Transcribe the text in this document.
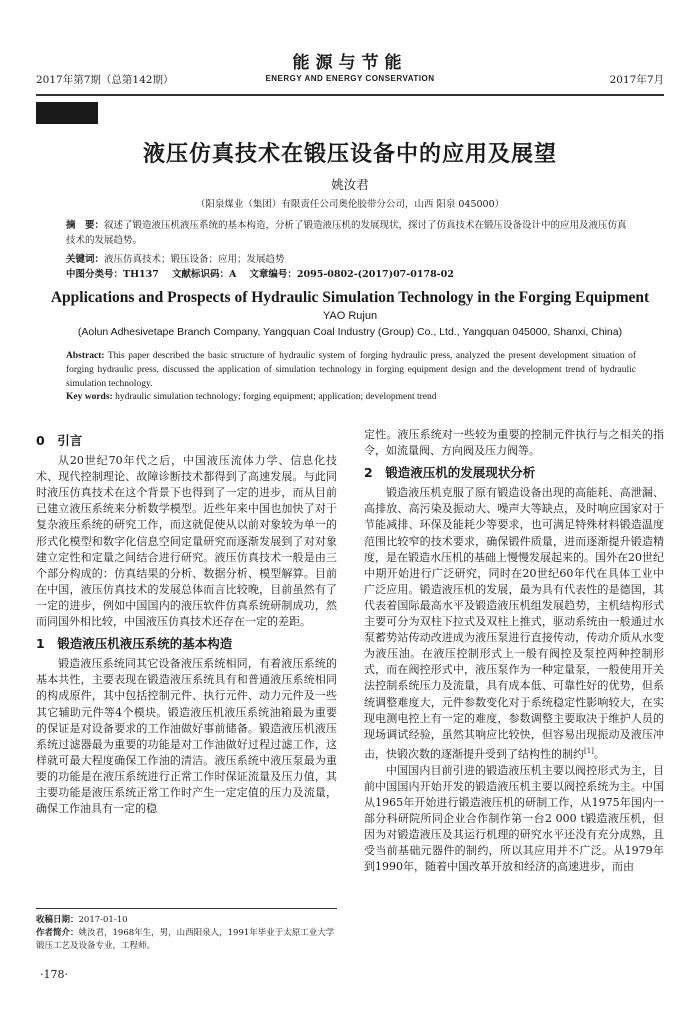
2017年第7期（总第142期）
能源与节能
ENERGY AND ENERGY CONSERVATION	2017年7月
液压仿真技术在锻压设备中的应用及展望
姚汝君
（阳泉煤业（集团）有限责任公司奥伦胶带分公司，山西 阳泉 045000）
摘　要：叙述了锻造液压机液压系统的基本构造，分析了锻造液压机的发展现状，探讨了仿真技术在锻压设备设计中的应用及液压仿真技术的发展趋势。
关键词：液压仿真技术；锻压设备；应用；发展趋势
中图分类号：TH137 文献标识码：A 文章编号：2095-0802-(2017)07-0178-02
Applications and Prospects of Hydraulic Simulation Technology in the Forging Equipment
YAO Rujun
(Aolun Adhesivetape Branch Company, Yangquan Coal Industry (Group) Co., Ltd., Yangquan 045000, Shanxi, China)
Abstract: This paper described the basic structure of hydraulic system of forging hydraulic press, analyzed the present development situation of forging hydraulic press, discussed the application of simulation technology in forging equipment design and the development trend of hydraulic simulation technology.
Key words: hydraulic simulation technology; forging equipment; application; development trend
0　引言

从20世纪70年代之后，中国液压流体力学、信息化技术、现代控制理论、故障诊断技术都得到了高速发展。与此同时液压仿真技术在这个背景下也得到了一定的进步，而从目前已建立液压系统来分析数学模型。近些年来中国也加快了对于复杂液压系统的研究工作，而这就促使从以前对象较为单一的形式化模型和数字化信息空间定量研究而逐渐发展到了对对象建立定性和定量之间结合进行研究。液压仿真技术一般是由三个部分构成的：仿真结果的分析、数据分析、模型解算。目前在中国，液压仿真技术的发展总体而言比较晚，目前虽然有了一定的进步，例如中国国内的液压软件仿真系统研制成功，然而同国外相比较，中国液压仿真技术还存在一定的差距。

1　锻造液压机液压系统的基本构造

锻造液压系统同其它设备液压系统相同，有着液压系统的基本共性，主要表现在锻造液压系统具有和普通液压系统相同的构成原件，其中包括控制元件、执行元件、动力元件及一些其它辅助元件等4个模块。锻造液压机液压系统油箱最为重要的保证是对设备要求的工作油做好事前储备。锻造液压机液压系统过滤器最为重要的功能是对工作油做好过程过滤工作，这样就可最大程度确保工作油的清洁。液压系统中液压泵最为重要的功能是在液压系统进行正常工作时保证流量及压力值，其主要功能是液压系统正常工作时产生一定定值的压力及流量，确保工作油具有一定的稳

定性。液压系统对一些较为重要的控制元件执行与之相关的指令，如流量阀、方向阀及压力阀等。

2　锻造液压机的发展现状分析

锻造液压机克服了原有锻造设备出现的高能耗、高泄漏、高排放、高污染及振动大、噪声大等缺点，及时响应国家对于节能减排、环保及能耗少等要求，也可满足特殊材料锻造温度范围比较窄的技术要求，确保锻件质量，进而逐渐提升锻造精度，是在锻造水压机的基础上慢慢发展起来的。国外在20世纪中期开始进行广泛研究，同时在20世纪60年代在具体工业中广泛应用。锻造液压机的发展，最为具有代表性的是德国，其代表着国际最高水平及锻造液压机组发展趋势，主机结构形式主要可分为双柱下拉式及双柱上推式，驱动系统由一般通过水泵蓄势站传动改进成为液压泵进行直接传动，传动介质从水变为液压油。在液压控制形式上一般有阀控及泵控两种控制形式，而在阀控形式中，液压泵作为一种定量泵，一般使用开关法控制系统压力及流量，具有成本低、可靠性好的优势，但系统调整难度大，元件参数变化对于系统稳定性影响较大，在实现电测电控上有一定的难度，参数调整主要取决于维护人员的现场调试经验，虽然其响应比较快，但容易出现振动及液压冲击，快锻次数的逐渐提升受到了结构性的制约[1]。

中国国内目前引进的锻造液压机主要以阀控形式为主，目前中国国内开始开发的锻造液压机主要以阀控系统为主。中国从1965年开始进行锻造液压机的研制工作，从1975年国内一部分科研院所同企业合作制作第一台2 000 t锻造液压机，但因为对锻造液压及其运行机理的研究水平还没有充分成熟，且受当前基础元器件的制约，所以其应用并不广泛。从1979年到1990年，随着中国改革开放和经济的高速进步，而由

收稿日期：2017-01-10
作者简介：姚汝君，1968年生，男，山西阳泉人，1991年毕业于太原工业大学锻压工艺及设备专业，工程师。
·178·
